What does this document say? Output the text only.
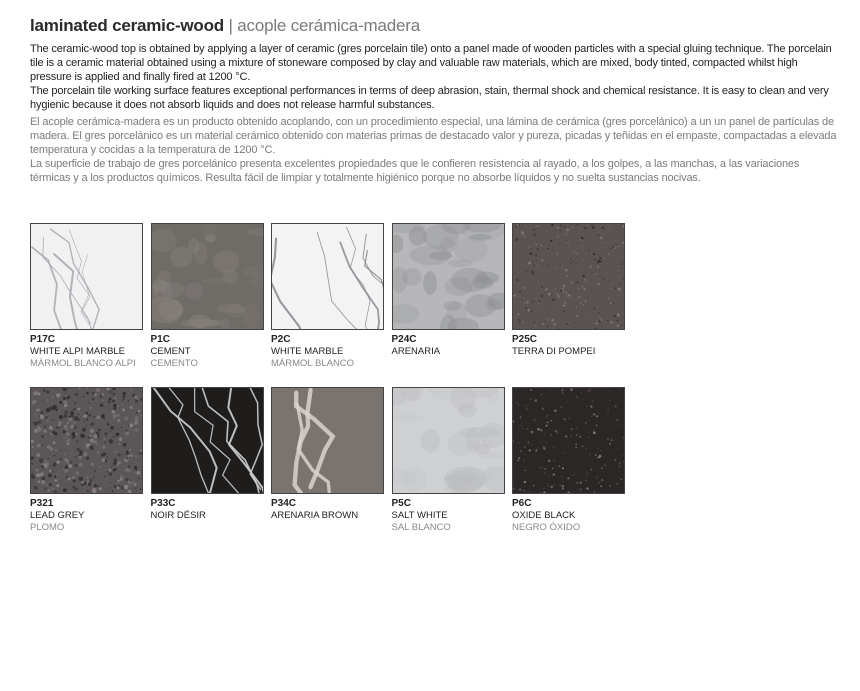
laminated ceramic-wood | acople cerámica-madera

The ceramic-wood top is obtained by applying a layer of ceramic (gres porcelain tile) onto a panel made of wooden particles with a special gluing technique. The porcelain tile is a ceramic material obtained using a mixture of stoneware composed by clay and valuable raw materials, which are mixed, body tinted, compacted whilst high pressure is applied and finally fired at 1200 °C.

The porcelain tile working surface features exceptional performances in terms of deep abrasion, stain, thermal shock and chemical resistance. It is easy to clean and very hygienic because it does not absorb liquids and does not release harmful substances.

El acople cerámica-madera es un producto obtenido acoplando, con un procedimiento especial, una lámina de cerámica (gres porcelánico) a un un panel de partículas de madera. El gres porcelánico es un material cerámico obtenido con materias primas de destacado valor y pureza, picadas y teñidas en el empaste, compactadas a elevada temperatura y cocidas a la temperatura de 1200 °C.

La superficie de trabajo de gres porcelánico presenta excelentes propiedades que le confieren resistencia al rayado, a los golpes, a las manchas, a las variaciones térmicas y a los productos químicos. Resulta fácil de limpiar y totalmente higiénico porque no absorbe líquidos y no suelta sustancias nocivas.

P17C
WHITE ALPI MARBLE
MÁRMOL BLANCO ALPI
P1C
CEMENT
CEMENTO
P2C
WHITE MARBLE
MÁRMOL BLANCO
P24C
ARENARIA
P25C
TERRA DI POMPEI
P321
LEAD GREY
PLOMO
P33C
NOIR DÉSIR
P34C
ARENARIA BROWN
P5C
SALT WHITE
SAL BLANCO
P6C
OXIDE BLACK
NEGRO ÓXIDO
